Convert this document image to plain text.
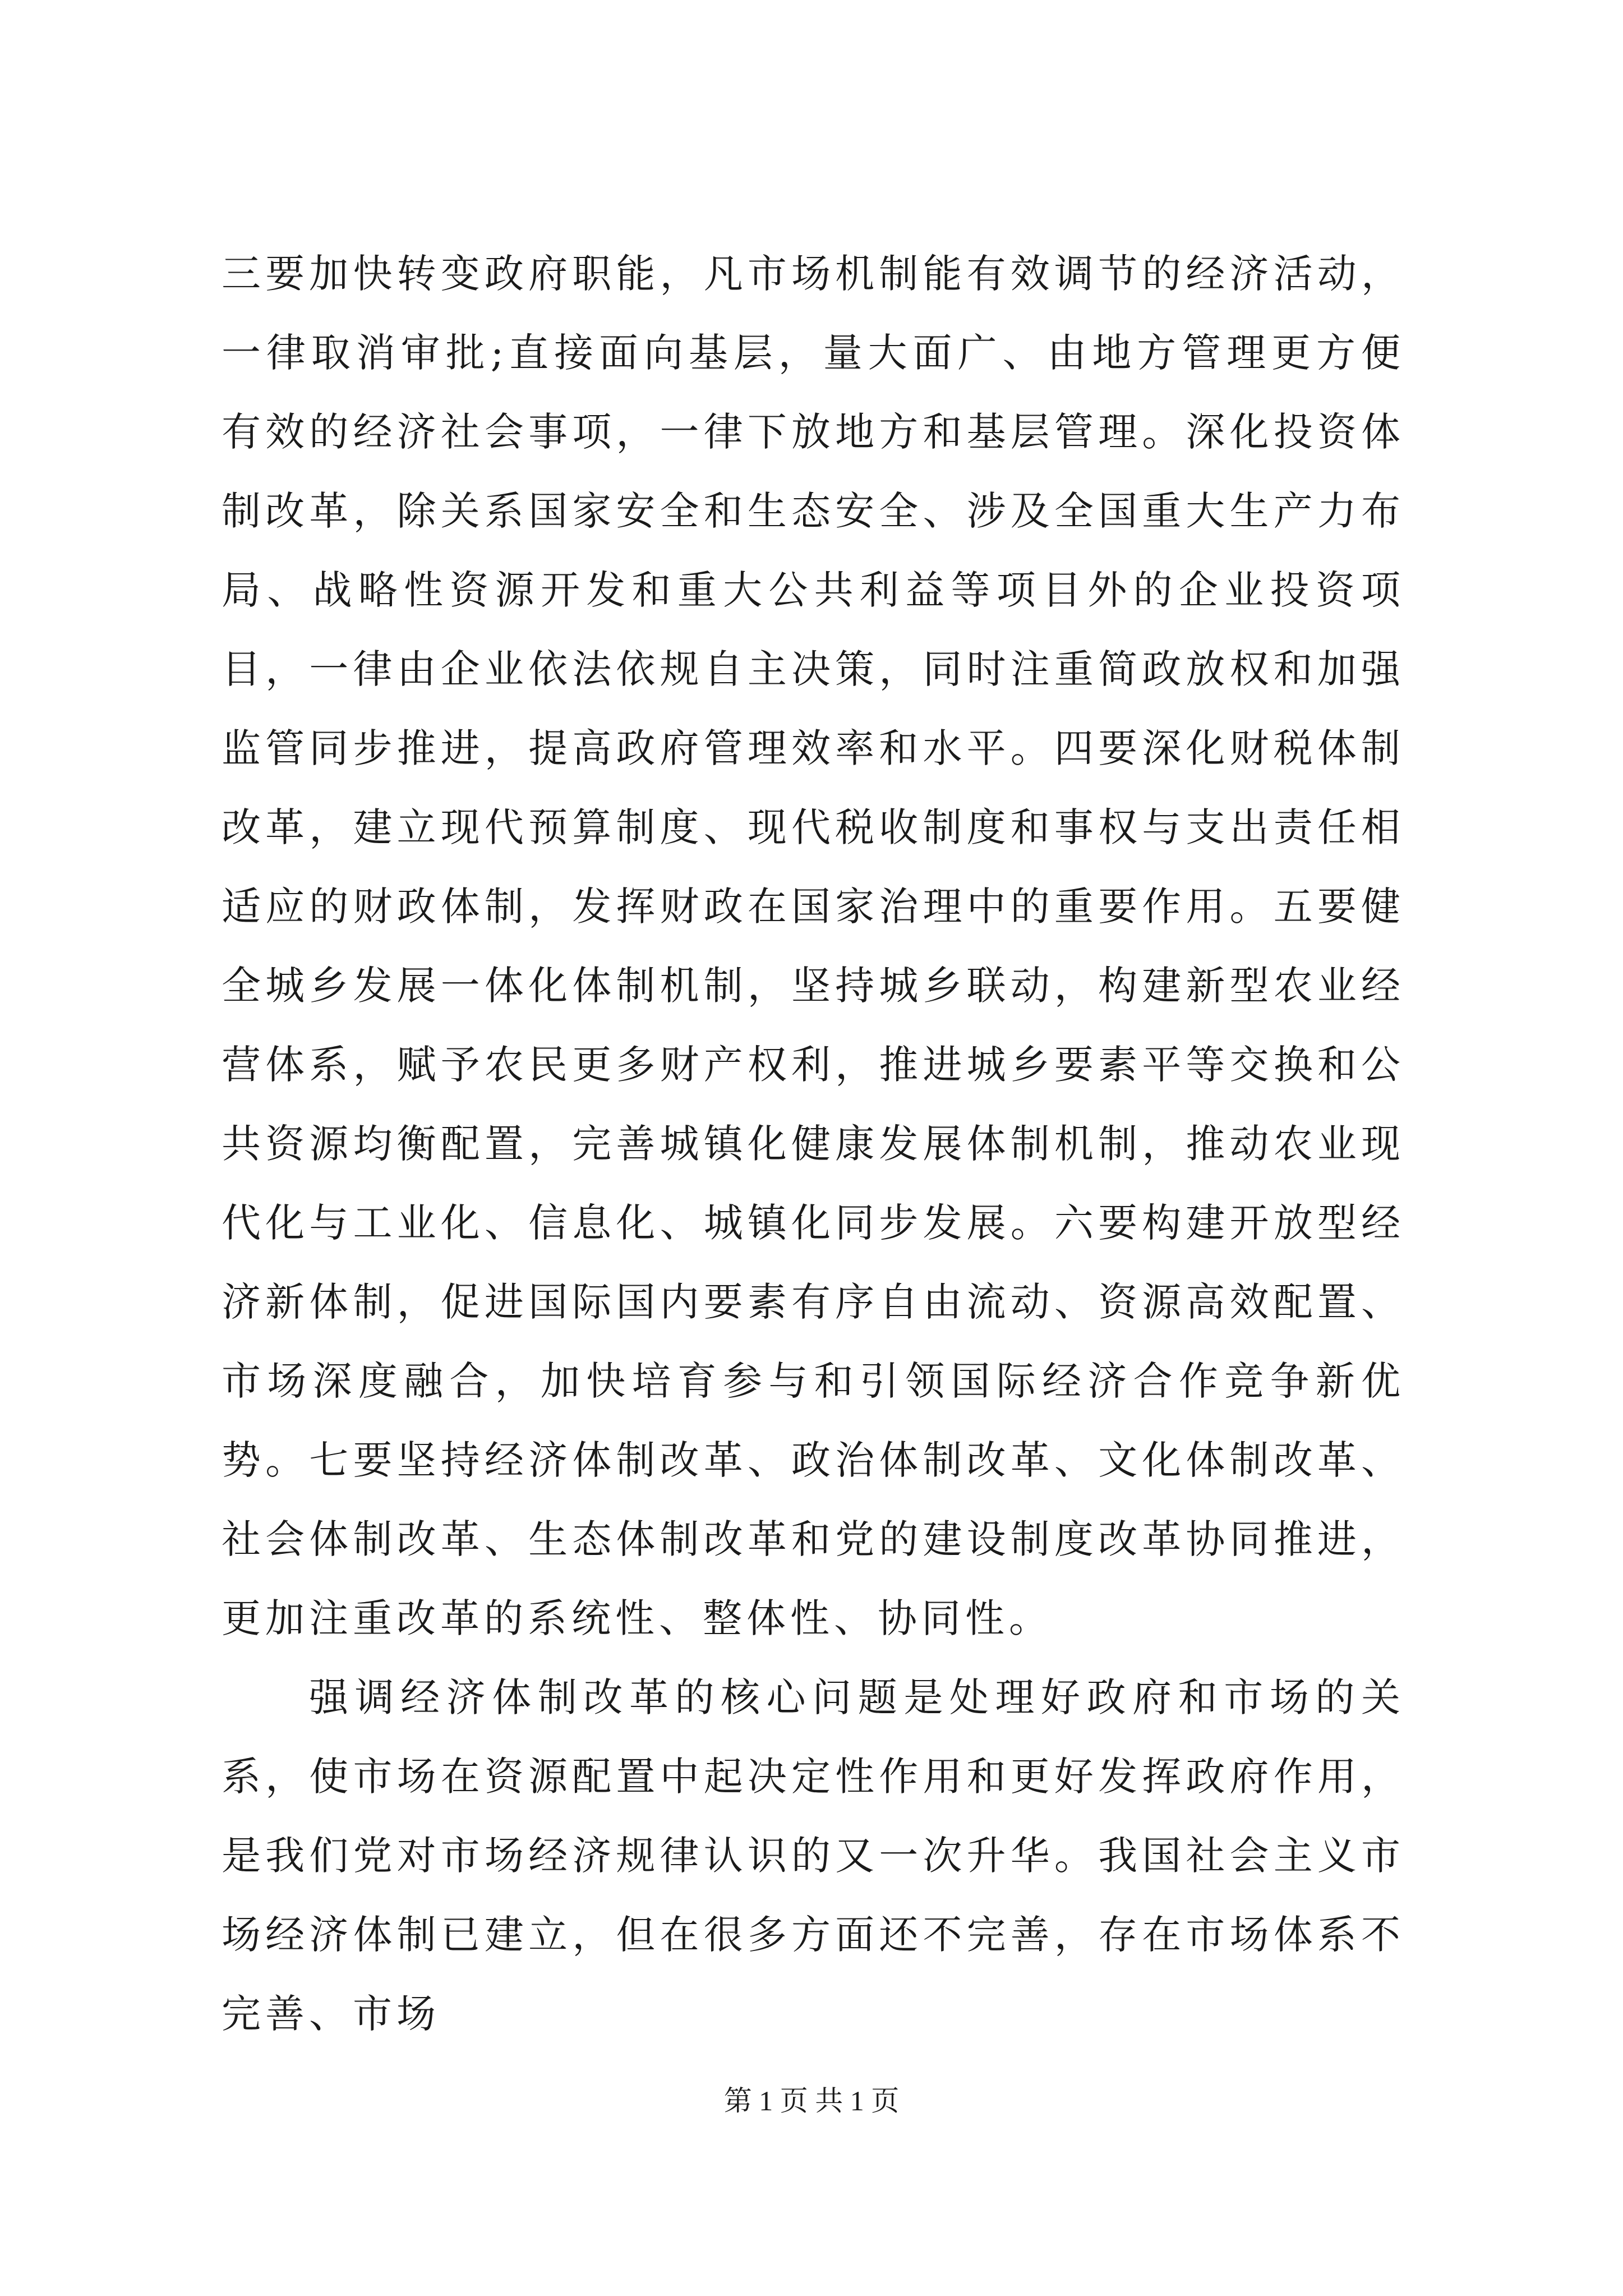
三要加快转变政府职能，凡市场机制能有效调节的经济活动，一律取消审批;直接面向基层，量大面广、由地方管理更方便有效的经济社会事项，一律下放地方和基层管理。深化投资体制改革，除关系国家安全和生态安全、涉及全国重大生产力布局、战略性资源开发和重大公共利益等项目外的企业投资项目，一律由企业依法依规自主决策，同时注重简政放权和加强监管同步推进，提高政府管理效率和水平。四要深化财税体制改革，建立现代预算制度、现代税收制度和事权与支出责任相适应的财政体制，发挥财政在国家治理中的重要作用。五要健全城乡发展一体化体制机制，坚持城乡联动，构建新型农业经营体系，赋予农民更多财产权利，推进城乡要素平等交换和公共资源均衡配置，完善城镇化健康发展体制机制，推动农业现代化与工业化、信息化、城镇化同步发展。六要构建开放型经济新体制，促进国际国内要素有序自由流动、资源高效配置、市场深度融合，加快培育参与和引领国际经济合作竞争新优势。七要坚持经济体制改革、政治体制改革、文化体制改革、社会体制改革、生态体制改革和党的建设制度改革协同推进，更加注重改革的系统性、整体性、协同性。

强调经济体制改革的核心问题是处理好政府和市场的关系，使市场在资源配置中起决定性作用和更好发挥政府作用，是我们党对市场经济规律认识的又一次升华。我国社会主义市场经济体制已建立，但在很多方面还不完善，存在市场体系不完善、市场

第 1 页 共 1 页
